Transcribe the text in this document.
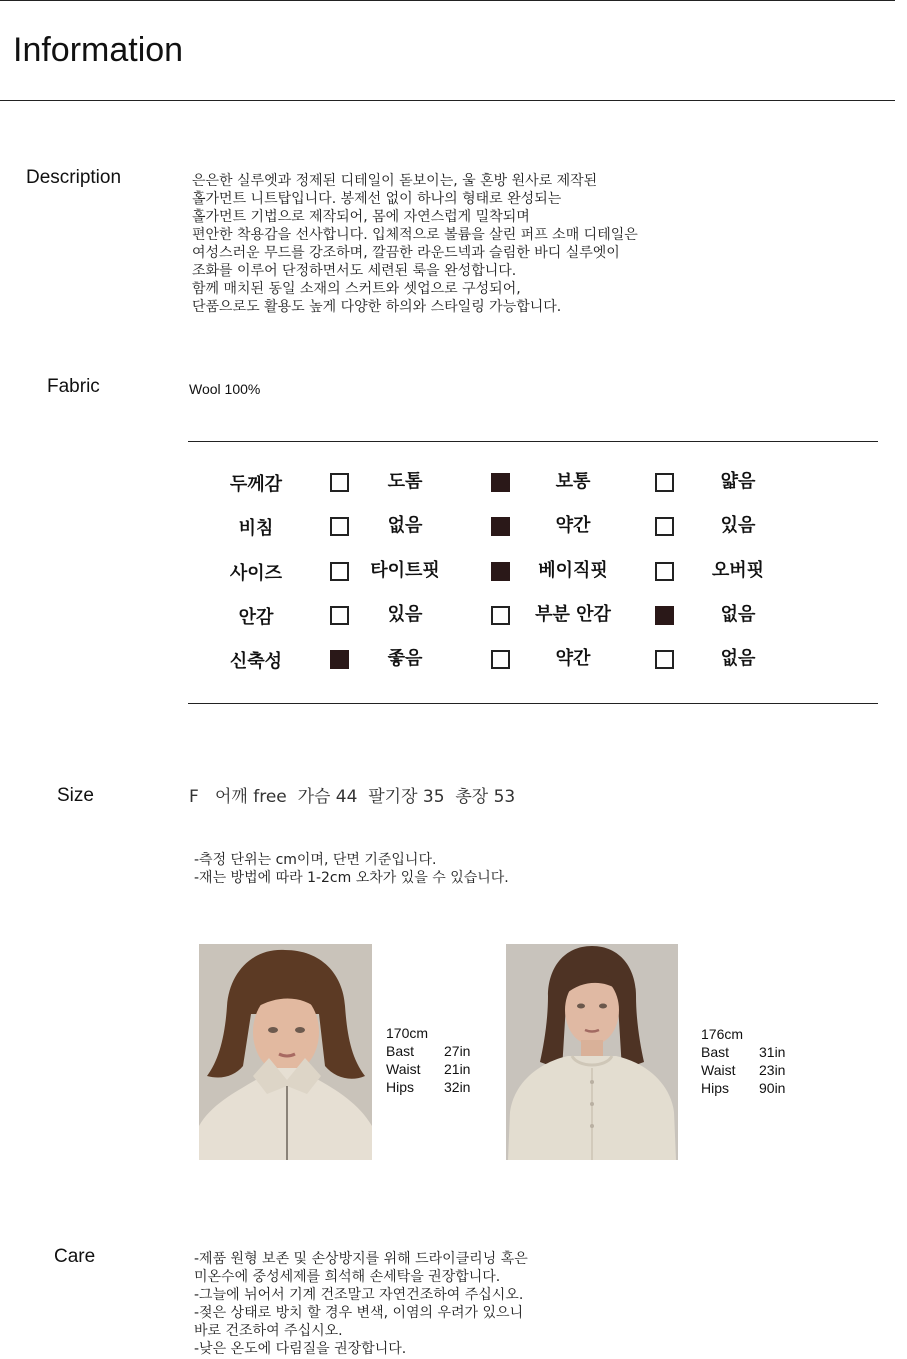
Information
Description	은은한 실루엣과 정제된 디테일이 돋보이는, 울 혼방 원사로 제작된
홀가먼트 니트탑입니다. 봉제선 없이 하나의 형태로 완성되는
홀가먼트 기법으로 제작되어, 몸에 자연스럽게 밀착되며
편안한 착용감을 선사합니다. 입체적으로 볼륨을 살린 퍼프 소매 디테일은
여성스러운 무드를 강조하며, 깔끔한 라운드넥과 슬림한 바디 실루엣이
조화를 이루어 단정하면서도 세련된 룩을 완성합니다.
함께 매치된 동일 소재의 스커트와 셋업으로 구성되어,
단품으로도 활용도 높게 다양한 하의와 스타일링 가능합니다.
Fabric	Wool 100%
두께감	도톰	보통	얇음
비침	없음	약간	있음
사이즈	타이트핏	베이직핏	오버핏
안감	있음	부분 안감	없음
신축성	좋음	약간	없음
Size	F   어깨 free  가슴 44  팔기장 35  총장 53
-측정 단위는 cm이며, 단면 기준입니다.
-재는 방법에 따라 1-2cm 오차가 있을 수 있습니다.
170cm
Bast	27in
Waist	21in
Hips	32in
176cm
Bast	31in
Waist	23in
Hips	90in
Care	-제품 원형 보존 및 손상방지를 위해 드라이클리닝 혹은
미온수에 중성세제를 희석해 손세탁을 권장합니다.
-그늘에 뉘어서 기계 건조말고 자연건조하여 주십시오.
-젖은 상태로 방치 할 경우 변색, 이염의 우려가 있으니
바로 건조하여 주십시오.
-낮은 온도에 다림질을 권장합니다.
